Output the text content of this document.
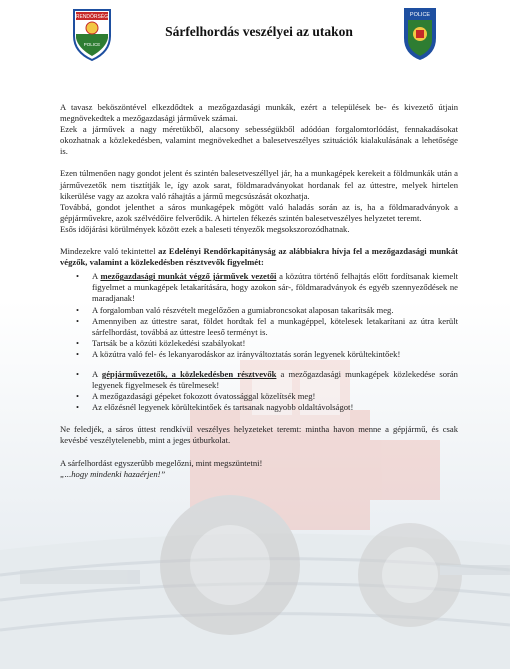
RENDŐRSÉG
POLICE
Sárfelhordás veszélyei az utakon
POLICE

A tavasz beköszöntével elkezdődtek a mezőgazdasági munkák, ezért a települések be- és kivezető útjain megnövekedtek a mezőgazdasági járművek számai.

Ezek a járművek a nagy méretükből, alacsony sebességükből adódóan forgalomtorlódást, fennakadásokat okozhatnak a közlekedésben, valamint megnövekedhet a balesetveszélyes szituációk kialakulásának a lehetősége is.

Ezen túlmenően nagy gondot jelent és szintén balesetveszéllyel jár, ha a munkagépek kerekeit a földmunkák után a járművezetők nem tisztítják le, így azok sarat, földmaradványokat hordanak fel az úttestre, melyek hirtelen kikerülése vagy az azokra való ráhajtás a jármű megcsúszását okozhatja.

Továbbá, gondot jelenthet a sáros munkagépek mögött való haladás során az is, ha a földmaradványok a gépjárművekre, azok szélvédőire felverődik. A hirtelen fékezés szintén balesetveszélyes helyzetet teremt.

Esős időjárási körülmények között ezek a baleseti tényezők megsokszorozódhatnak.

Mindezekre való tekintettel az Edelényi Rendőrkapitányság az alábbiakra hívja fel a mezőgazdasági munkát végzők, valamint a közlekedésben résztvevők figyelmét:

• A mezőgazdasági munkát végző járművek vezetői a közútra történő felhajtás előtt fordítsanak kiemelt figyelmet a munkagépek letakarítására, hogy azokon sár-, földmaradványok és egyéb szennyeződések ne maradjanak!
• A forgalomban való részvételt megelőzően a gumiabroncsokat alaposan takarítsák meg.
• Amennyiben az úttestre sarat, földet hordtak fel a munkagéppel, kötelesek letakarítani az útra került sárfelhordást, továbbá az úttestre leeső terményt is.
• Tartsák be a közúti közlekedési szabályokat!
• A közútra való fel- és lekanyarodáskor az irányváltoztatás során legyenek körültekintőek!
• A gépjárművezetők, a közlekedésben résztvevők a mezőgazdasági munkagépek közlekedése során legyenek figyelmesek és türelmesek!
• A mezőgazdasági gépeket fokozott óvatossággal közelítsék meg!
• Az előzésnél legyenek körültekintőek és tartsanak nagyobb oldaltávolságot!

Ne feledjék, a sáros úttest rendkívül veszélyes helyzeteket teremt: mintha havon menne a gépjármű, és csak kevésbé veszélytelenebb, mint a jeges útburkolat.

A sárfelhordást egyszerűbb megelőzni, mint megszüntetni!

„...hogy mindenki hazaérjen!”
